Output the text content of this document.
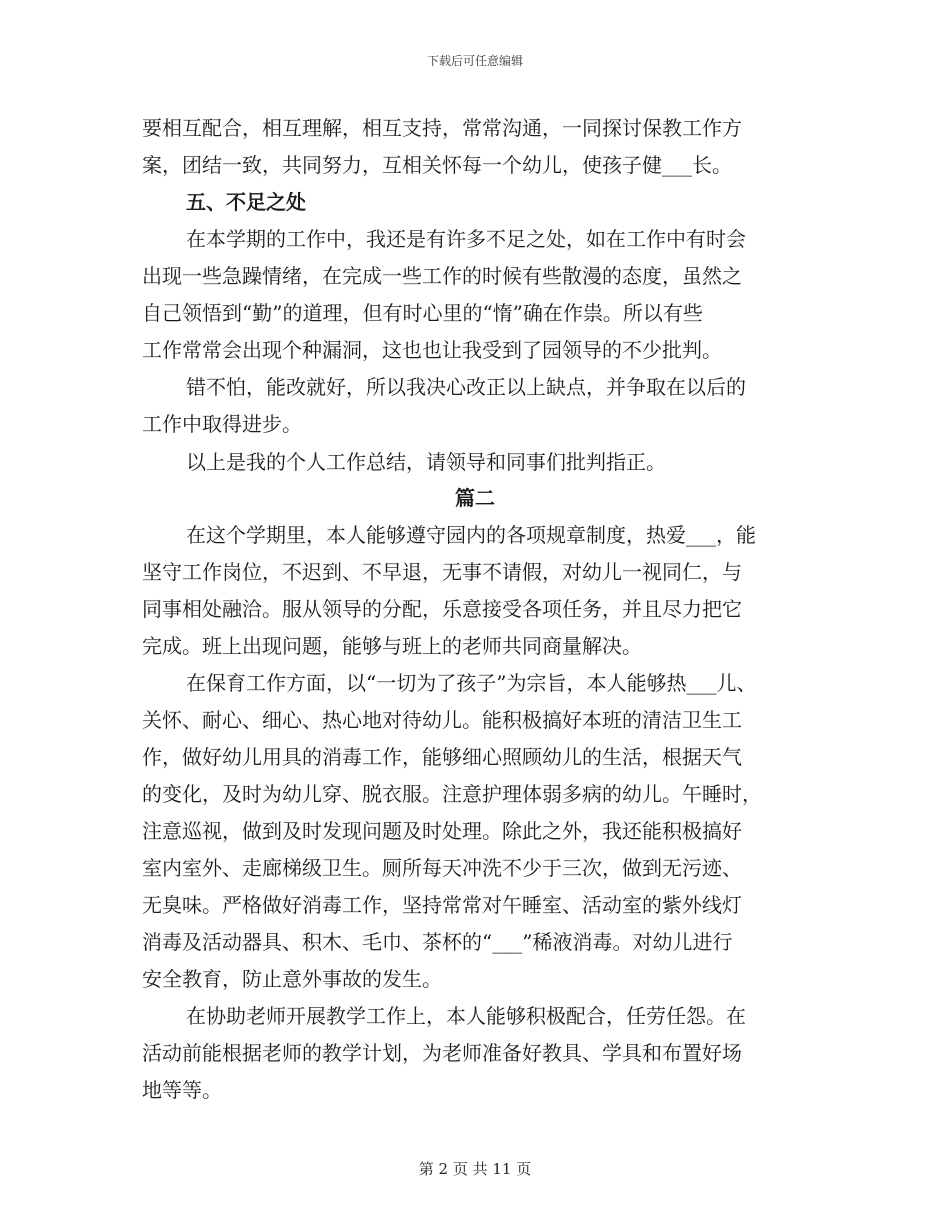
下载后可任意编辑
要相互配合，相互理解，相互支持，常常沟通，一同探讨保教工作方
案，团结一致，共同努力，互相关怀每一个幼儿，使孩子健___长。
五、不足之处
在本学期的工作中，我还是有许多不足之处，如在工作中有时会
出现一些急躁情绪，在完成一些工作的时候有些散漫的态度，虽然之
自己领悟到“勤”的道理，但有时心里的“惰”确在作祟。所以有些
工作常常会出现个种漏洞，这也也让我受到了园领导的不少批判。
错不怕，能改就好，所以我决心改正以上缺点，并争取在以后的
工作中取得进步。
以上是我的个人工作总结，请领导和同事们批判指正。
篇二
在这个学期里，本人能够遵守园内的各项规章制度，热爱___，能
坚守工作岗位，不迟到、不早退，无事不请假，对幼儿一视同仁，与
同事相处融洽。服从领导的分配，乐意接受各项任务，并且尽力把它
完成。班上出现问题，能够与班上的老师共同商量解决。
在保育工作方面，以“一切为了孩子”为宗旨，本人能够热___儿、
关怀、耐心、细心、热心地对待幼儿。能积极搞好本班的清洁卫生工
作，做好幼儿用具的消毒工作，能够细心照顾幼儿的生活，根据天气
的变化，及时为幼儿穿、脱衣服。注意护理体弱多病的幼儿。午睡时，
注意巡视，做到及时发现问题及时处理。除此之外，我还能积极搞好
室内室外、走廊梯级卫生。厕所每天冲洗不少于三次，做到无污迹、
无臭味。严格做好消毒工作，坚持常常对午睡室、活动室的紫外线灯
消毒及活动器具、积木、毛巾、茶杯的“___”稀液消毒。对幼儿进行
安全教育，防止意外事故的发生。
在协助老师开展教学工作上，本人能够积极配合，任劳任怨。在
活动前能根据老师的教学计划，为老师准备好教具、学具和布置好场
地等等。
第 2 页 共 11 页
